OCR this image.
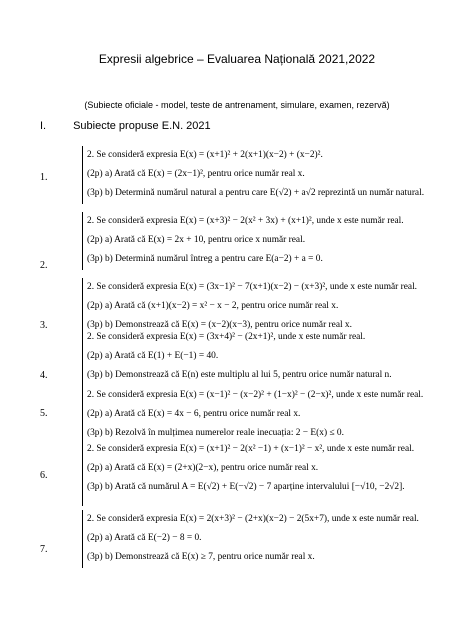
Expresii algebrice – Evaluarea Națională 2021,2022
(Subiecte oficiale - model, teste de antrenament, simulare, examen, rezervă)
I. Subiecte propuse E.N. 2021
1.
2. Se consideră expresia E(x) = (x+1)² + 2(x+1)(x−2) + (x−2)².
(2p) a) Arată că E(x) = (2x−1)², pentru orice număr real x.
(3p) b) Determină numărul natural a pentru care E(√2) + a√2 reprezintă un număr natural.
2.
2. Se consideră expresia E(x) = (x+3)² − 2(x² + 3x) + (x+1)², unde x este număr real.
(2p) a) Arată că E(x) = 2x + 10, pentru orice x număr real.
(3p) b) Determină numărul întreg a pentru care E(a−2) + a = 0.
3.
2. Se consideră expresia E(x) = (3x−1)² − 7(x+1)(x−2) − (x+3)², unde x este număr real.
(2p) a) Arată că (x+1)(x−2) = x² − x − 2, pentru orice număr real x.
(3p) b) Demonstrează că E(x) = (x−2)(x−3), pentru orice număr real x.
4.
2. Se consideră expresia E(x) = (3x+4)² − (2x+1)², unde x este număr real.
(2p) a) Arată că E(1) + E(−1) = 40.
(3p) b) Demonstrează că E(n) este multiplu al lui 5, pentru orice număr natural n.
5.
2. Se consideră expresia E(x) = (x−1)² − (x−2)² + (1−x)² − (2−x)², unde x este număr real.
(2p) a) Arată că E(x) = 4x − 6, pentru orice număr real x.
(3p) b) Rezolvă în mulțimea numerelor reale inecuația: 2 − E(x) ≤ 0.
6.
2. Se consideră expresia E(x) = (x+1)² − 2(x² −1) + (x−1)² − x², unde x este număr real.
(2p) a) Arată că E(x) = (2+x)(2−x), pentru orice număr real x.
(3p) b) Arată că numărul A = E(√2) + E(−√2) − 7 aparține intervalului [−√10, −2√2].
7.
2. Se consideră expresia E(x) = 2(x+3)² − (2+x)(x−2) − 2(5x+7), unde x este număr real.
(2p) a) Arată că E(−2) − 8 = 0.
(3p) b) Demonstrează că E(x) ≥ 7, pentru orice număr real x.
